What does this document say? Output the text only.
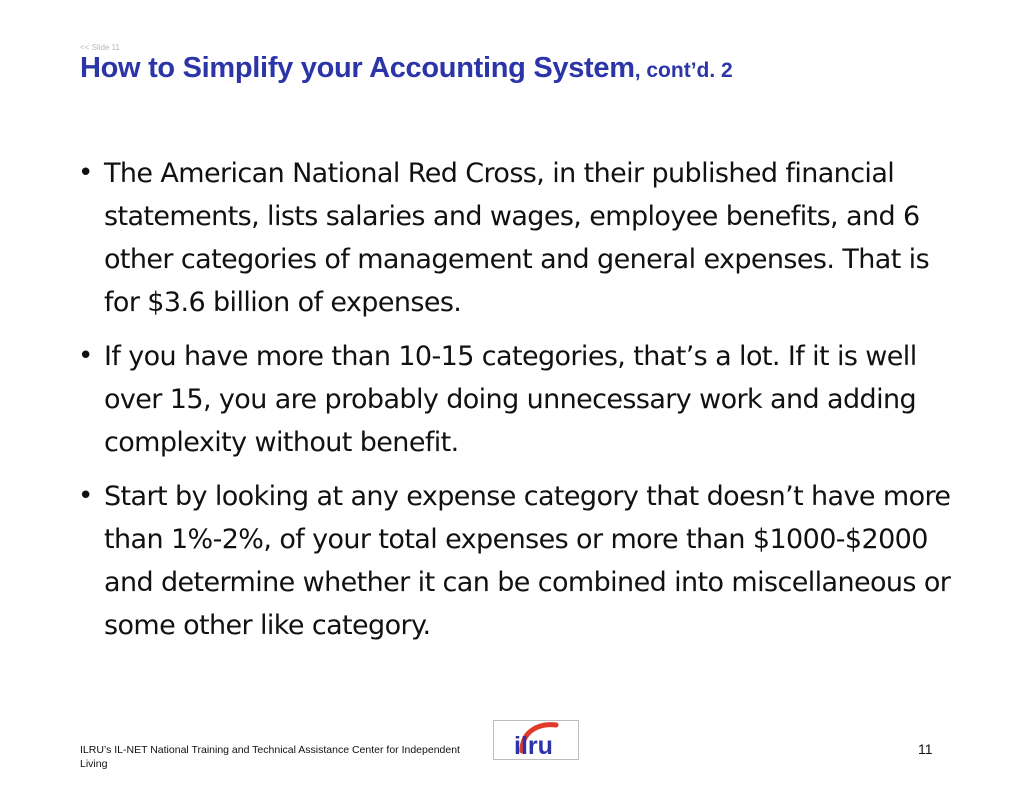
<< Slide 11
How to Simplify your Accounting System, cont’d. 2
• The American National Red Cross, in their published financial statements, lists salaries and wages, employee benefits, and 6 other categories of management and general expenses. That is for $3.6 billion of expenses.
• If you have more than 10-15 categories, that’s a lot. If it is well over 15, you are probably doing unnecessary work and adding complexity without benefit.
• Start by looking at any expense category that doesn’t have more than 1%-2%, of your total expenses or more than $1000-$2000 and determine whether it can be combined into miscellaneous or some other like category.
ILRU’s IL-NET National Training and Technical Assistance Center for Independent Living
ilru	11
